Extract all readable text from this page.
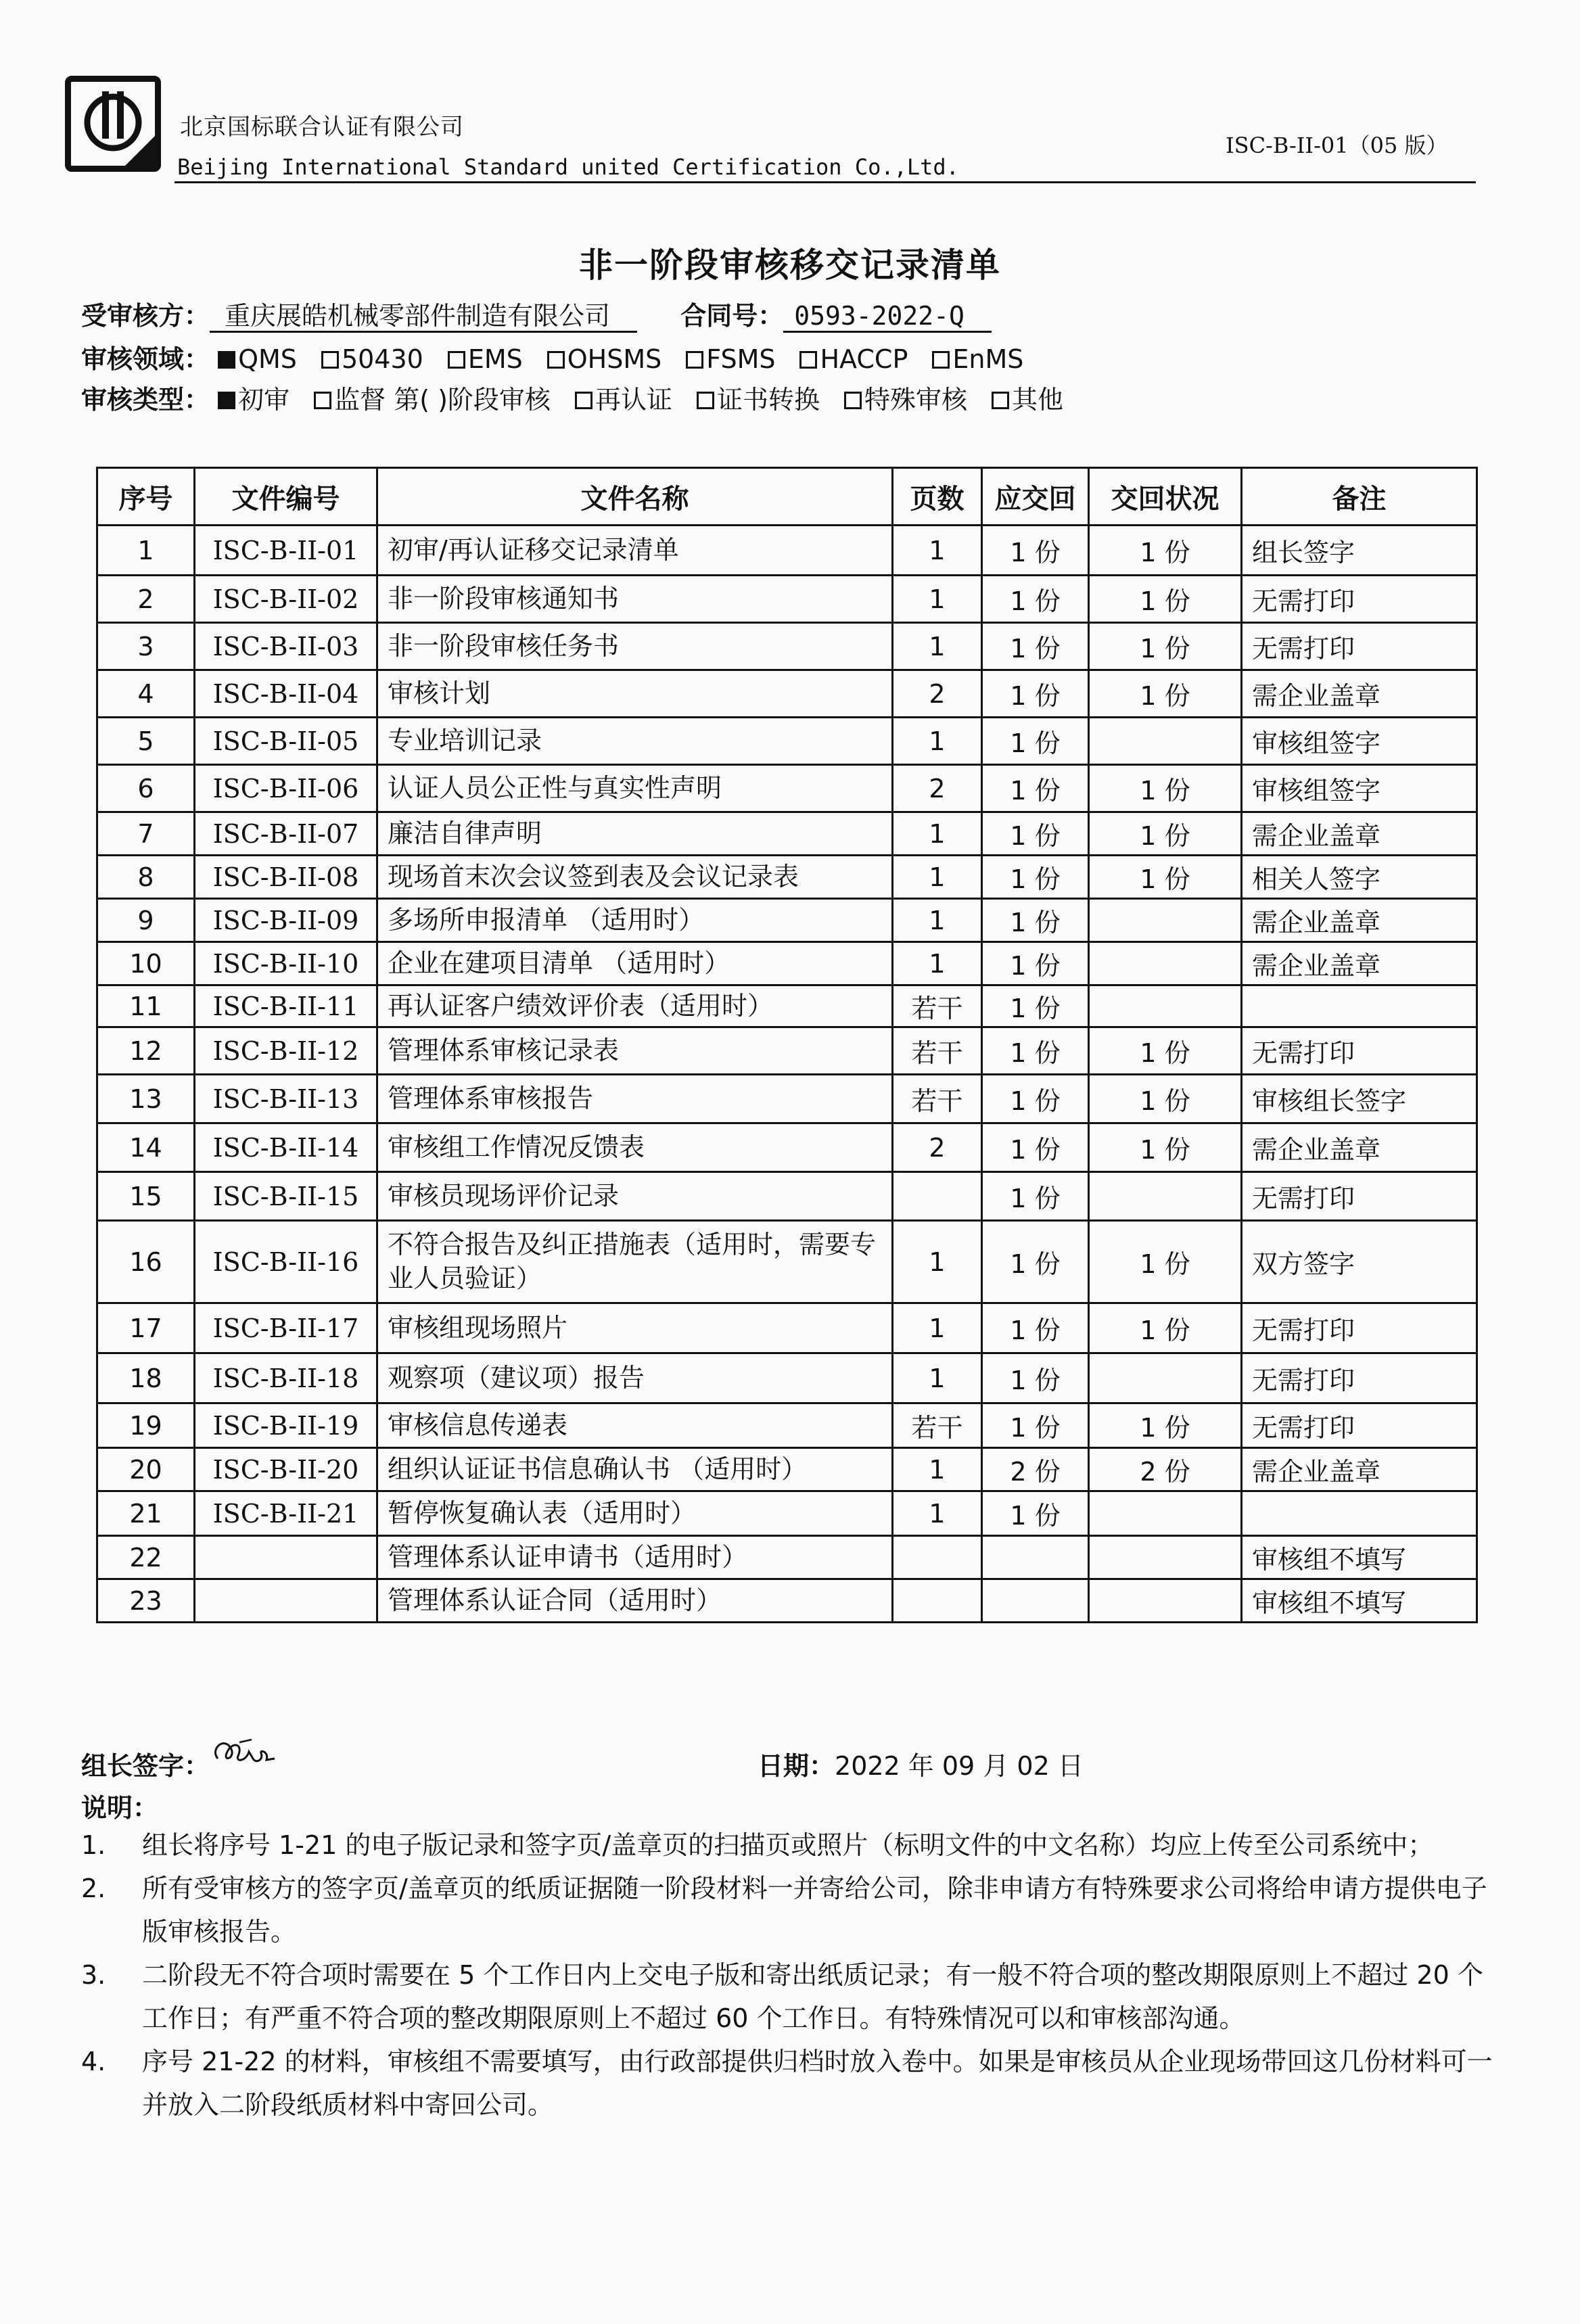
北京国标联合认证有限公司
Beijing International Standard united Certification Co.,Ltd.
ISC-B-II-01（05 版）
非一阶段审核移交记录清单
受审核方： 重庆展皓机械零部件制造有限公司	合同号： 0593-2022-Q
审核领域： QMS 50430 EMS OHSMS FSMS HACCP EnMS
审核类型： 初审 监督 第( )阶段审核 再认证 证书转换 特殊审核 其他
序号	文件编号	文件名称	页数	应交回	交回状况	备注
1	ISC-B-II-01	初审/再认证移交记录清单	1	1 份	1 份	组长签字
2	ISC-B-II-02	非一阶段审核通知书	1	1 份	1 份	无需打印
3	ISC-B-II-03	非一阶段审核任务书	1	1 份	1 份	无需打印
4	ISC-B-II-04	审核计划	2	1 份	1 份	需企业盖章
5	ISC-B-II-05	专业培训记录	1	1 份		审核组签字
6	ISC-B-II-06	认证人员公正性与真实性声明	2	1 份	1 份	审核组签字
7	ISC-B-II-07	廉洁自律声明	1	1 份	1 份	需企业盖章
8	ISC-B-II-08	现场首末次会议签到表及会议记录表	1	1 份	1 份	相关人签字
9	ISC-B-II-09	多场所申报清单 （适用时）	1	1 份		需企业盖章
10	ISC-B-II-10	企业在建项目清单 （适用时）	1	1 份		需企业盖章
11	ISC-B-II-11	再认证客户绩效评价表（适用时）	若干	1 份		
12	ISC-B-II-12	管理体系审核记录表	若干	1 份	1 份	无需打印
13	ISC-B-II-13	管理体系审核报告	若干	1 份	1 份	审核组长签字
14	ISC-B-II-14	审核组工作情况反馈表	2	1 份	1 份	需企业盖章
15	ISC-B-II-15	审核员现场评价记录		1 份		无需打印
16	ISC-B-II-16	不符合报告及纠正措施表（适用时，需要专业人员验证）	1	1 份	1 份	双方签字
17	ISC-B-II-17	审核组现场照片	1	1 份	1 份	无需打印
18	ISC-B-II-18	观察项（建议项）报告	1	1 份		无需打印
19	ISC-B-II-19	审核信息传递表	若干	1 份	1 份	无需打印
20	ISC-B-II-20	组织认证证书信息确认书 （适用时）	1	2 份	2 份	需企业盖章
21	ISC-B-II-21	暂停恢复确认表（适用时）	1	1 份		
22		管理体系认证申请书（适用时）				审核组不填写
23		管理体系认证合同（适用时）				审核组不填写
组长签字：	日期：2022 年 09 月 02 日
说明：
1.	组长将序号 1-21 的电子版记录和签字页/盖章页的扫描页或照片（标明文件的中文名称）均应上传至公司系统中；
2.	所有受审核方的签字页/盖章页的纸质证据随一阶段材料一并寄给公司，除非申请方有特殊要求公司将给申请方提供电子版审核报告。
3.	二阶段无不符合项时需要在 5 个工作日内上交电子版和寄出纸质记录；有一般不符合项的整改期限原则上不超过 20 个工作日；有严重不符合项的整改期限原则上不超过 60 个工作日。有特殊情况可以和审核部沟通。
4.	序号 21-22 的材料，审核组不需要填写，由行政部提供归档时放入卷中。如果是审核员从企业现场带回这几份材料可一并放入二阶段纸质材料中寄回公司。
